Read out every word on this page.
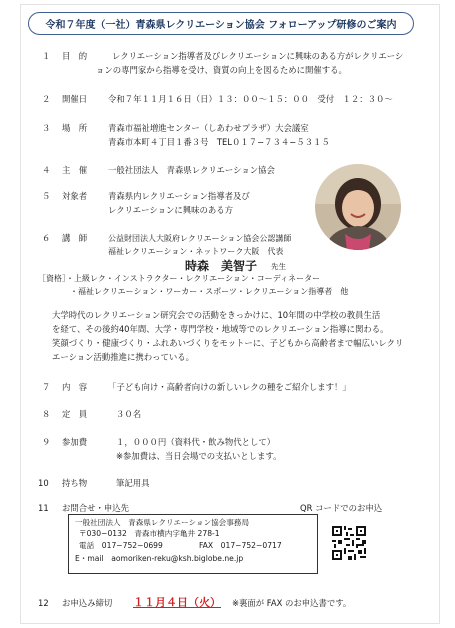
令和７年度（一社）青森県レクリエーション協会 フォローアップ研修のご案内
１ 目　的	レクリエーション指導者及びレクリエーションに興味のある方がレクリエーシ
ョンの専門家から指導を受け、資質の向上を図るために開催する。
２ 開催日 令和７年１１月１６日（日）１３：００〜１５：００　受付　１２：３０〜
３ 場　所 青森市福祉増進センター（しあわせプラザ）大会議室
青森市本町４丁目１番３号　TEL０１７−７３４−５３１５
４ 主　催 一般社団法人　青森県レクリエーション協会
５ 対象者 青森県内レクリエーション指導者及び
レクリエーションに興味のある方
６ 講　師	公益財団法人大阪府レクリエーション協会公認講師
福祉レクリエーション・ネットワーク大阪　代表
時森　美智子 先生
［資格］・上級レク・インストラクター・レクリエーション・コーディネーター
・福祉レクリエーション・ワーカー・スポーツ・レクリエーション指導者　他
大学時代のレクリエーション研究会での活動をきっかけに、10年間の中学校の教員生活
を経て、その後約40年間、大学・専門学校・地域等でのレクリエーション指導に関わる。
笑顔づくり・健康づくり・ふれあいづくりをモットーに、子どもから高齢者まで幅広いレクリ
エーション活動推進に携わっている。
７ 内　容 「子ども向け・高齢者向けの新しいレクの種をご紹介します！」
８ 定　員	３０名
９ 参加費	１，０００円（資料代・飲み物代として）
※参加費は、当日会場での支払いとします。
10 持ち物	筆記用具
11 お問合せ・申込先	QR コードでのお申込
一般社団法人　青森県レクリエーション協会事務局
〒030−0132　青森市横内字亀井 278-1
電話　017−752−0699	FAX　017−752−0717
E・mail　aomoriken-reku@ksh.biglobe.ne.jp
12 お申込み締切 １１月４日（火） ※裏面が FAX のお申込書です。
